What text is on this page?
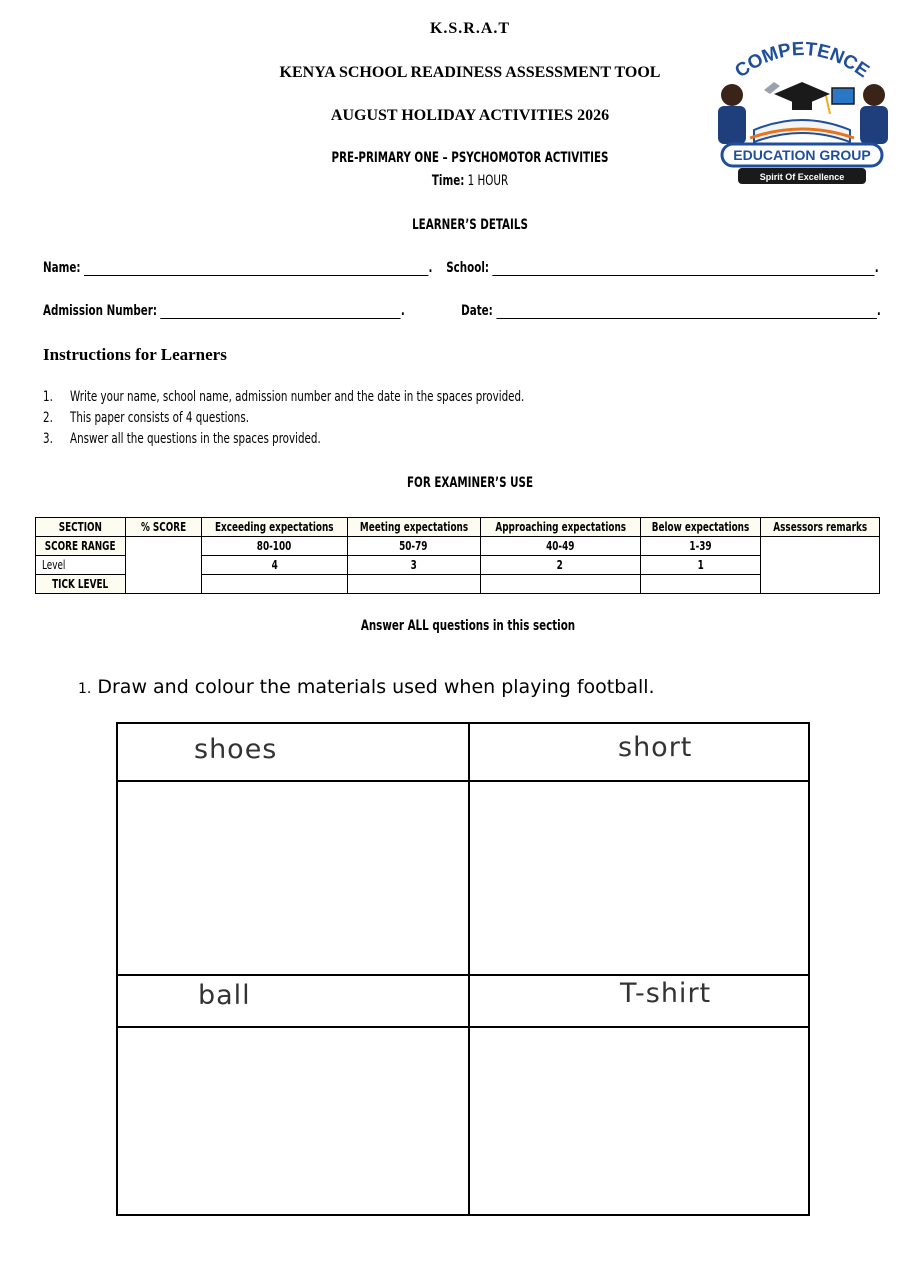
K.S.R.A.T
KENYA SCHOOL READINESS ASSESSMENT TOOL
AUGUST HOLIDAY ACTIVITIES 2026
PRE-PRIMARY ONE – PSYCHOMOTOR ACTIVITIES
Time: 1 HOUR
COMPETENCE
EDUCATION GROUP
Spirit Of Excellence
LEARNER’S DETAILS
Name:	. School:	.
Admission Number:	.	Date:	.
Instructions for Learners
1. Write your name, school name, admission number and the date in the spaces provided.
2. This paper consists of 4 questions.
3. Answer all the questions in the spaces provided.
FOR EXAMINER’S USE
SECTION	% SCORE	Exceeding expectations	Meeting expectations	Approaching expectations	Below expectations	Assessors remarks
SCORE RANGE		80-100	50-79	40-49	1-39	
Level		4	3	2	1	
TICK LEVEL						
Answer ALL questions in this section
1. Draw and colour the materials used when playing football.
shoes	short
ball	T-shirt
